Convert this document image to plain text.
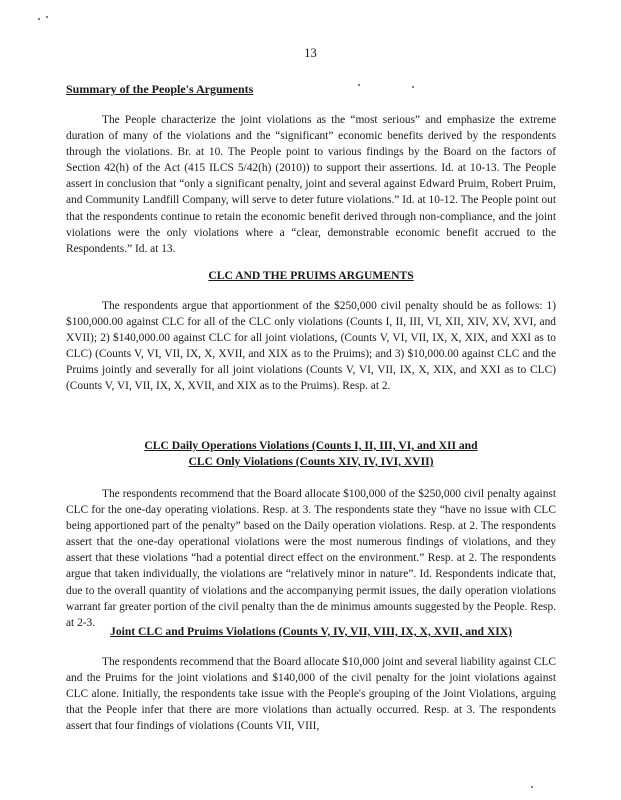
13
Summary of the People's Arguments

The People characterize the joint violations as the “most serious” and emphasize the extreme duration of many of the violations and the “significant” economic benefits derived by the respondents through the violations. Br. at 10. The People point to various findings by the Board on the factors of Section 42(h) of the Act (415 ILCS 5/42(h) (2010)) to support their assertions. Id. at 10-13. The People assert in conclusion that “only a significant penalty, joint and several against Edward Pruim, Robert Pruim, and Community Landfill Company, will serve to deter future violations.” Id. at 10-12. The People point out that the respondents continue to retain the economic benefit derived through non-compliance, and the joint violations were the only violations where a “clear, demonstrable economic benefit accrued to the Respondents.” Id. at 13.

CLC AND THE PRUIMS ARGUMENTS

The respondents argue that apportionment of the $250,000 civil penalty should be as follows: 1) $100,000.00 against CLC for all of the CLC only violations (Counts I, II, III, VI, XII, XIV, XV, XVI, and XVII); 2) $140,000.00 against CLC for all joint violations, (Counts V, VI, VII, IX, X, XIX, and XXI as to CLC) (Counts V, VI, VII, IX, X, XVII, and XIX as to the Pruims); and 3) $10,000.00 against CLC and the Pruims jointly and severally for all joint violations (Counts V, VI, VII, IX, X, XIX, and XXI as to CLC) (Counts V, VI, VII, IX, X, XVII, and XIX as to the Pruims). Resp. at 2.

CLC Daily Operations Violations (Counts I, II, III, VI, and XII and
CLC Only Violations (Counts XIV, IV, IVI, XVII)

The respondents recommend that the Board allocate $100,000 of the $250,000 civil penalty against CLC for the one-day operating violations. Resp. at 3. The respondents state they “have no issue with CLC being apportioned part of the penalty” based on the Daily operation violations. Resp. at 2. The respondents assert that the one-day operational violations were the most numerous findings of violations, and they assert that these violations “had a potential direct effect on the environment.” Resp. at 2. The respondents argue that taken individually, the violations are “relatively minor in nature”. Id. Respondents indicate that, due to the overall quantity of violations and the accompanying permit issues, the daily operation violations warrant far greater portion of the civil penalty than the de minimus amounts suggested by the People. Resp. at 2-3.

Joint CLC and Pruims Violations (Counts V, IV, VII, VIII, IX, X, XVII, and XIX)

The respondents recommend that the Board allocate $10,000 joint and several liability against CLC and the Pruims for the joint violations and $140,000 of the civil penalty for the joint violations against CLC alone. Initially, the respondents take issue with the People's grouping of the Joint Violations, arguing that the People infer that there are more violations than actually occurred. Resp. at 3. The respondents assert that four findings of violations (Counts VII, VIII,
